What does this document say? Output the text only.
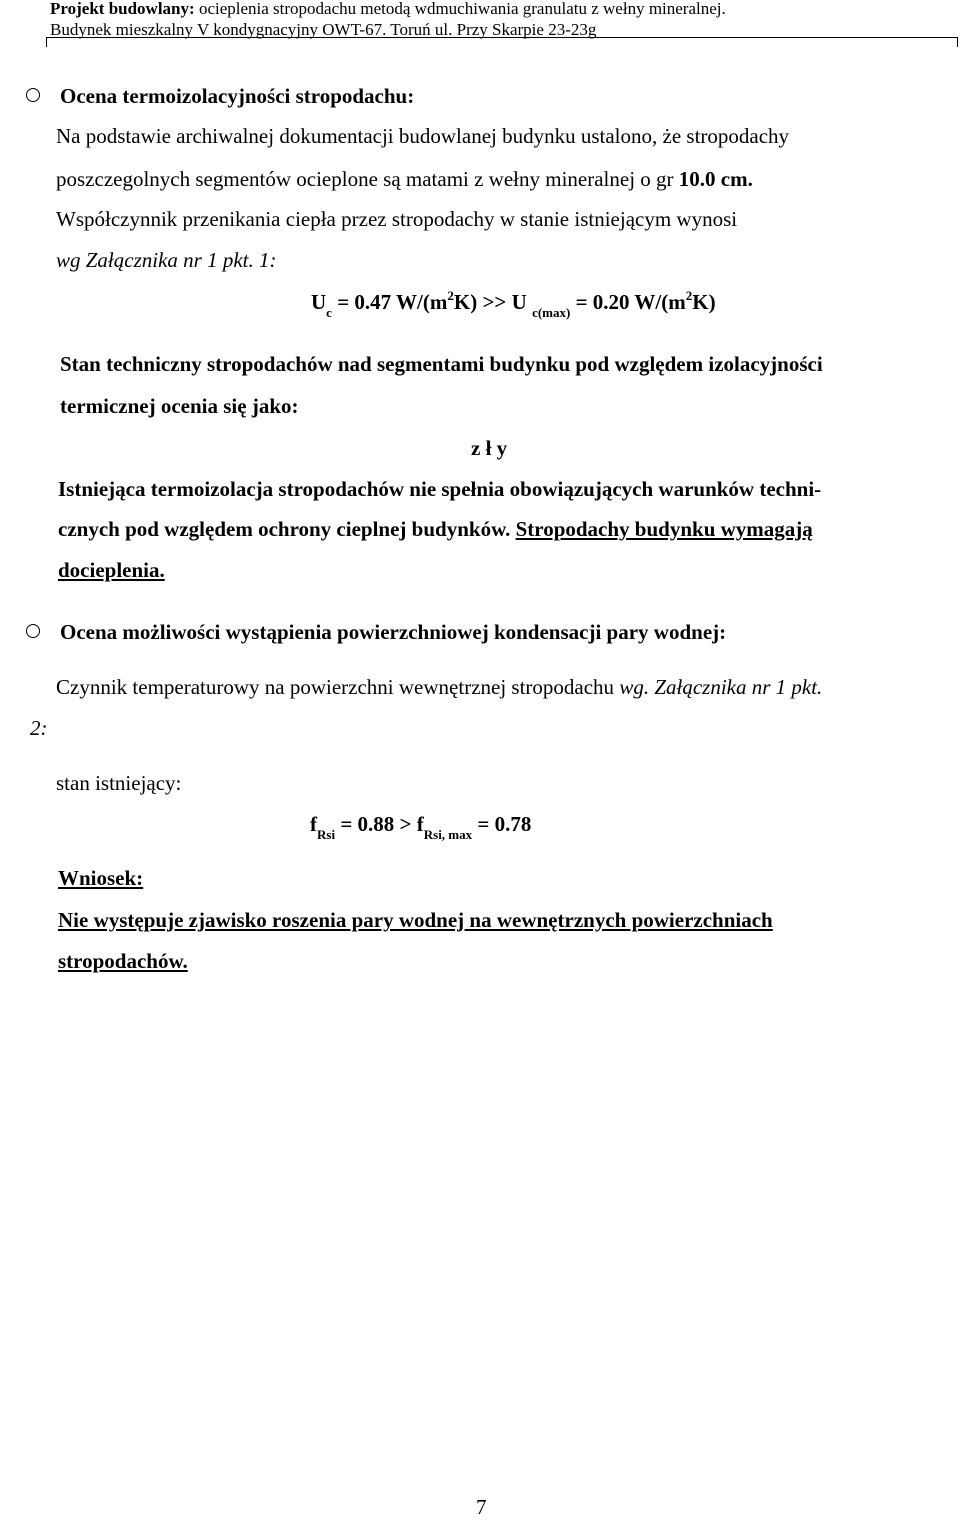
Projekt budowlany: ocieplenia stropodachu metodą wdmuchiwania granulatu z wełny mineralnej.
Budynek mieszkalny V kondygnacyjny OWT-67. Toruń ul. Przy Skarpie 23-23g
Ocena termoizolacyjności stropodachu:
Na podstawie archiwalnej dokumentacji budowlanej budynku ustalono, że stropodachy
poszczegolnych segmentów ocieplone są matami z wełny mineralnej o gr 10.0 cm.
Współczynnik przenikania ciepła przez stropodachy w stanie istniejącym wynosi
wg Załącznika nr 1 pkt. 1:
$U_c = 0.47$ $W/(m^2K) >> U$ $_{c(max)}$ = 0.20 $W/(m^2K)$
Stan techniczny stropodachów nad segmentami budynku pod względem izolacyjności
termicznej ocenia się jako:
z ł y
Istniejąca termoizolacja stropodachów nie spełnia obowiązujących warunków techni-
cznych pod względem ochrony cieplnej budynków. Stropodachy budynku wymagają
docieplenia.
Ocena możliwości wystąpienia powierzchniowej kondensacji pary wodnej:
Czynnik temperaturowy na powierzchni wewnętrznej stropodachu wg. Załącznika nr 1 pkt.
2:
stan istniejący:
$f_{Rsi} = 0.88 > f_{Rsi, max} = 0.78$
Wniosek:
Nie występuje zjawisko roszenia pary wodnej na wewnętrznych powierzchniach
stropodachów.
7
